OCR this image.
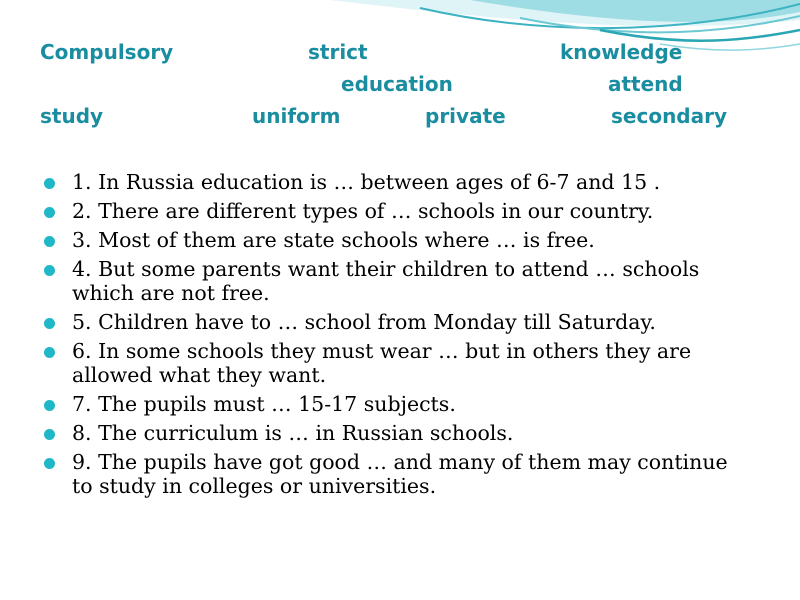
Compulsory	strict	knowledge
education	attend
study	uniform	private	secondary
1. In Russia education is … between ages of 6-7 and 15 .
2. There are different types of … schools in our country.
3. Most of them are state schools where … is free.
4. But some parents want their children to attend … schools which are not free.
5. Children have to … school from Monday till Saturday.
6. In some schools they must wear … but in others they are allowed what they want.
7. The pupils must … 15-17 subjects.
8. The curriculum is … in Russian schools.
9. The pupils have got good … and many of them may continue to study in colleges or universities.
